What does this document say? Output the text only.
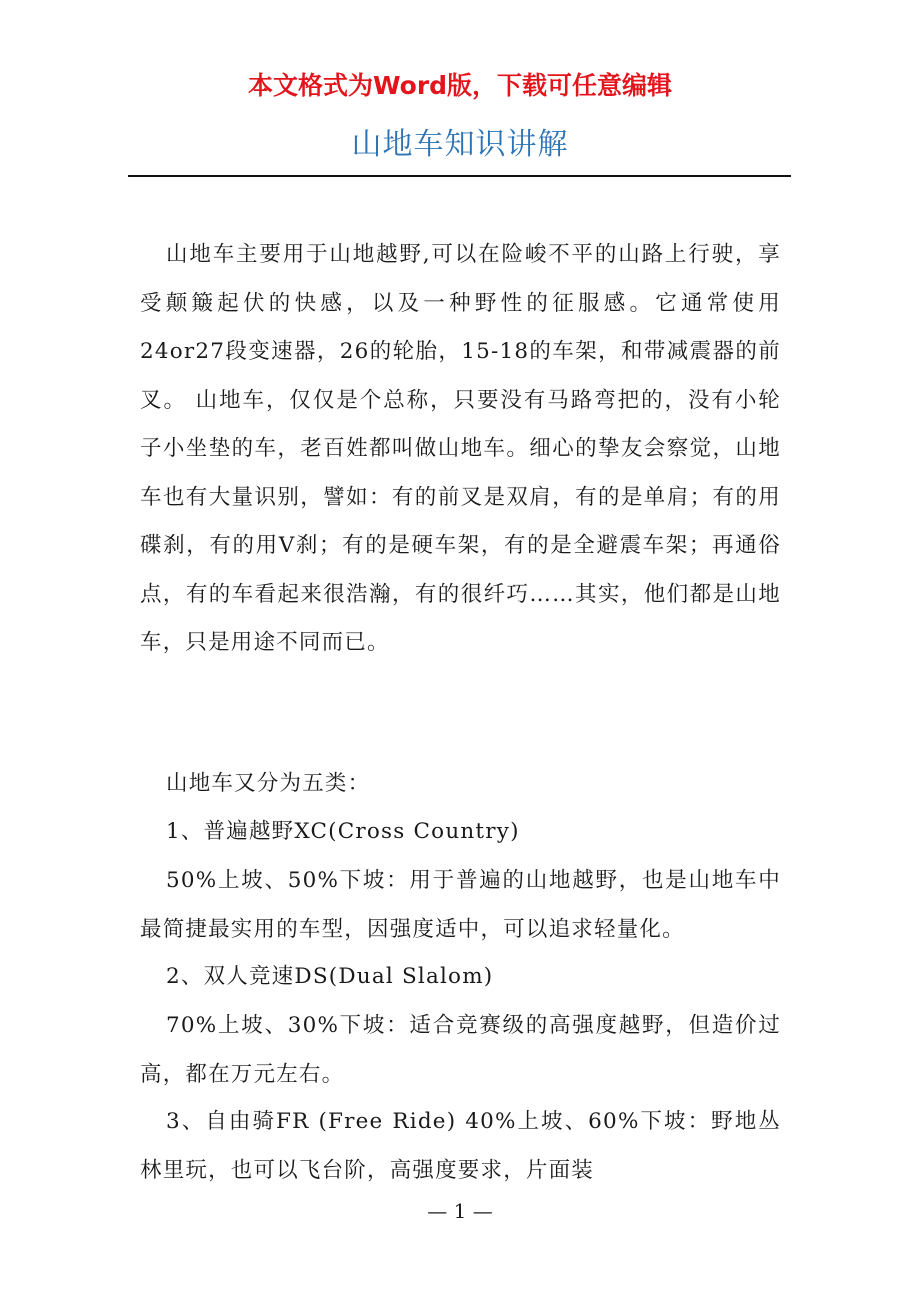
本文格式为Word版，下载可任意编辑
山地车知识讲解

山地车主要用于山地越野,可以在险峻不平的山路上行驶，享受颠簸起伏的快感，以及一种野性的征服感。它通常使用24or27段变速器，26的轮胎，15-18的车架，和带减震器的前叉。 山地车，仅仅是个总称，只要没有马路弯把的，没有小轮子小坐垫的车，老百姓都叫做山地车。细心的挚友会察觉，山地车也有大量识别，譬如：有的前叉是双肩，有的是单肩；有的用碟刹，有的用V刹；有的是硬车架，有的是全避震车架；再通俗点，有的车看起来很浩瀚，有的很纤巧……其实，他们都是山地车，只是用途不同而已。

山地车又分为五类：

1、普遍越野XC(Cross Country)

50%上坡、50%下坡：用于普遍的山地越野，也是山地车中最简捷最实用的车型，因强度适中，可以追求轻量化。

2、双人竞速DS(Dual Slalom)

70%上坡、30%下坡：适合竞赛级的高强度越野，但造价过高，都在万元左右。

3、自由骑FR (Free Ride) 40%上坡、60%下坡：野地丛林里玩，也可以飞台阶，高强度要求，片面装

— 1 —
